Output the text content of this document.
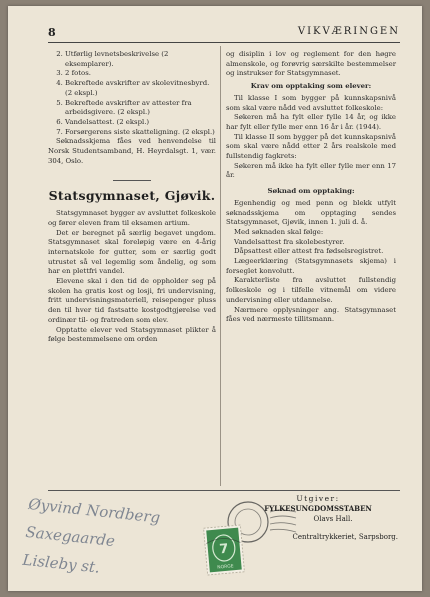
8	VIKVÆRINGEN
2. Utførlig levnetsbeskrivelse (2 eksemplarer).
3. 2 fotos.
4. Bekreftede avskrifter av skolevitnesbyrd. (2 ekspl.)
5. Bekreftede avskrifter av attester fra arbeidsgivere. (2 ekspl.)
6. Vandelsattest. (2 ekspl.)
7. Forsørgerens siste skatteligning. (2 ekspl.)

Søknadsskjema fåes ved henvendelse til Norsk Studentsamband, H. Heyrdalsgt. 1, vær. 304, Oslo.

Statsgymnaset, Gjøvik.

Statsgymnaset bygger av avsluttet folkeskole og fører eleven fram til eksamen artium.

Det er beregnet på særlig begavet ungdom. Statsgymnaset skal foreløpig være en 4-årig internatskole for gutter, som er særlig godt utrustet så vel legemlig som åndelig, og som har en plettfri vandel.

Elevene skal i den tid de oppholder seg på skolen ha gratis kost og losji, fri undervisning, fritt undervisningsmateriell, reisepenger pluss den til hver tid fastsatte kostgodtgjørelse ved ordinær til- og fratreden som elev.

Opptatte elever ved Statsgymnaset plikter å følge bestemmelsene om orden

og disiplin i lov og reglement for den høgre almenskole, og forøvrig særskilte bestemmelser og instrukser for Statsgymnaset.

Krav om opptaking som elever:

Til klasse I som bygger på kunnskapsnivå som skal være nådd ved avsluttet folkeskole:

Søkeren må ha fylt eller fylle 14 år, og ikke har fylt eller fylle mer enn 16 år i år. (1944).

Til klasse II som bygger på det kunnskapsnivå som skal være nådd etter 2 års realskole med fullstendig fagkrets:

Søkeren må ikke ha fylt eller fylle mer enn 17 år.

Søknad om opptaking:

Egenhendig og med penn og blekk utfylt søknadsskjema om opptaging sendes Statsgymnaset, Gjøvik, innen 1. juli d. å.

Med søknaden skal følge:

Vandelsattest fra skolebestyrer.

Dåpsattest eller attest fra fødselsregistret.

Lægeerklæring (Statsgymnasets skjema) i forseglet konvolutt.

Karakterliste fra avsluttet fullstendig folkeskole og i tilfelle vitnemål om videre undervisning eller utdannelse.

Nærmere opplysninger ang. Statsgymnaset fåes ved nærmeste tillitsmann.

Øyvind Nordberg
Saxegaarde
Lisleby st.
7
NORGE
Utgiver:
FYLKESUNGDOMSSTABEN
Olavs Hall.
Centraltrykkeriet, Sarpsborg.
